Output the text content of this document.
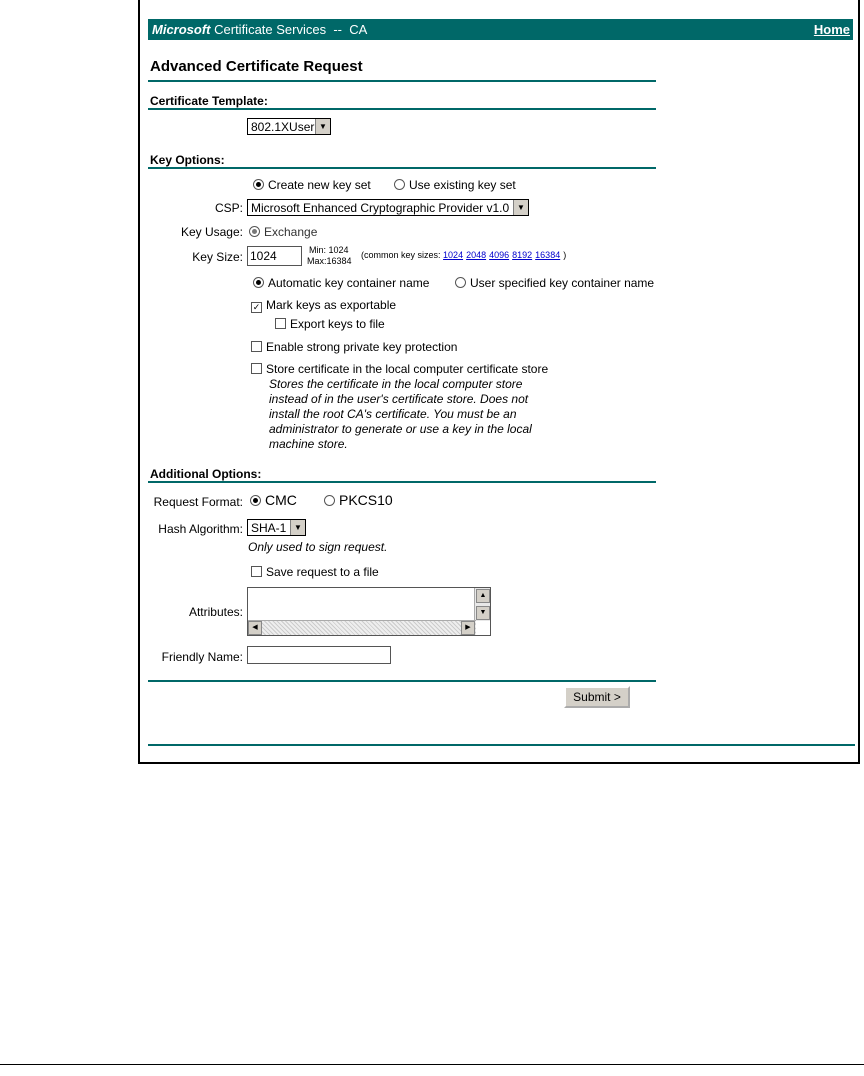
Microsoft Certificate Services -- CA	Home
Advanced Certificate Request
Certificate Template:
802.1XUser ▼
Key Options:
Create new key set	Use existing key set
CSP: Microsoft Enhanced Cryptographic Provider v1.0 ▼
Key Usage:	Exchange
Key Size: 1024	Min: 1024
Max:16384
(common key sizes: 1024 2048 4096 8192 16384 )
Automatic key container name	User specified key container name
✓ Mark keys as exportable
Export keys to file
Enable strong private key protection
Store certificate in the local computer certificate store
Stores the certificate in the local computer store
instead of in the user's certificate store. Does not
install the root CA's certificate. You must be an
administrator to generate or use a key in the local
machine store.
Additional Options:
Request Format:	CMC	PKCS10
Hash Algorithm: SHA-1 ▼
Only used to sign request.
Save request to a file
Attributes:
▲
▼
◀	▶
Friendly Name:
Submit >
